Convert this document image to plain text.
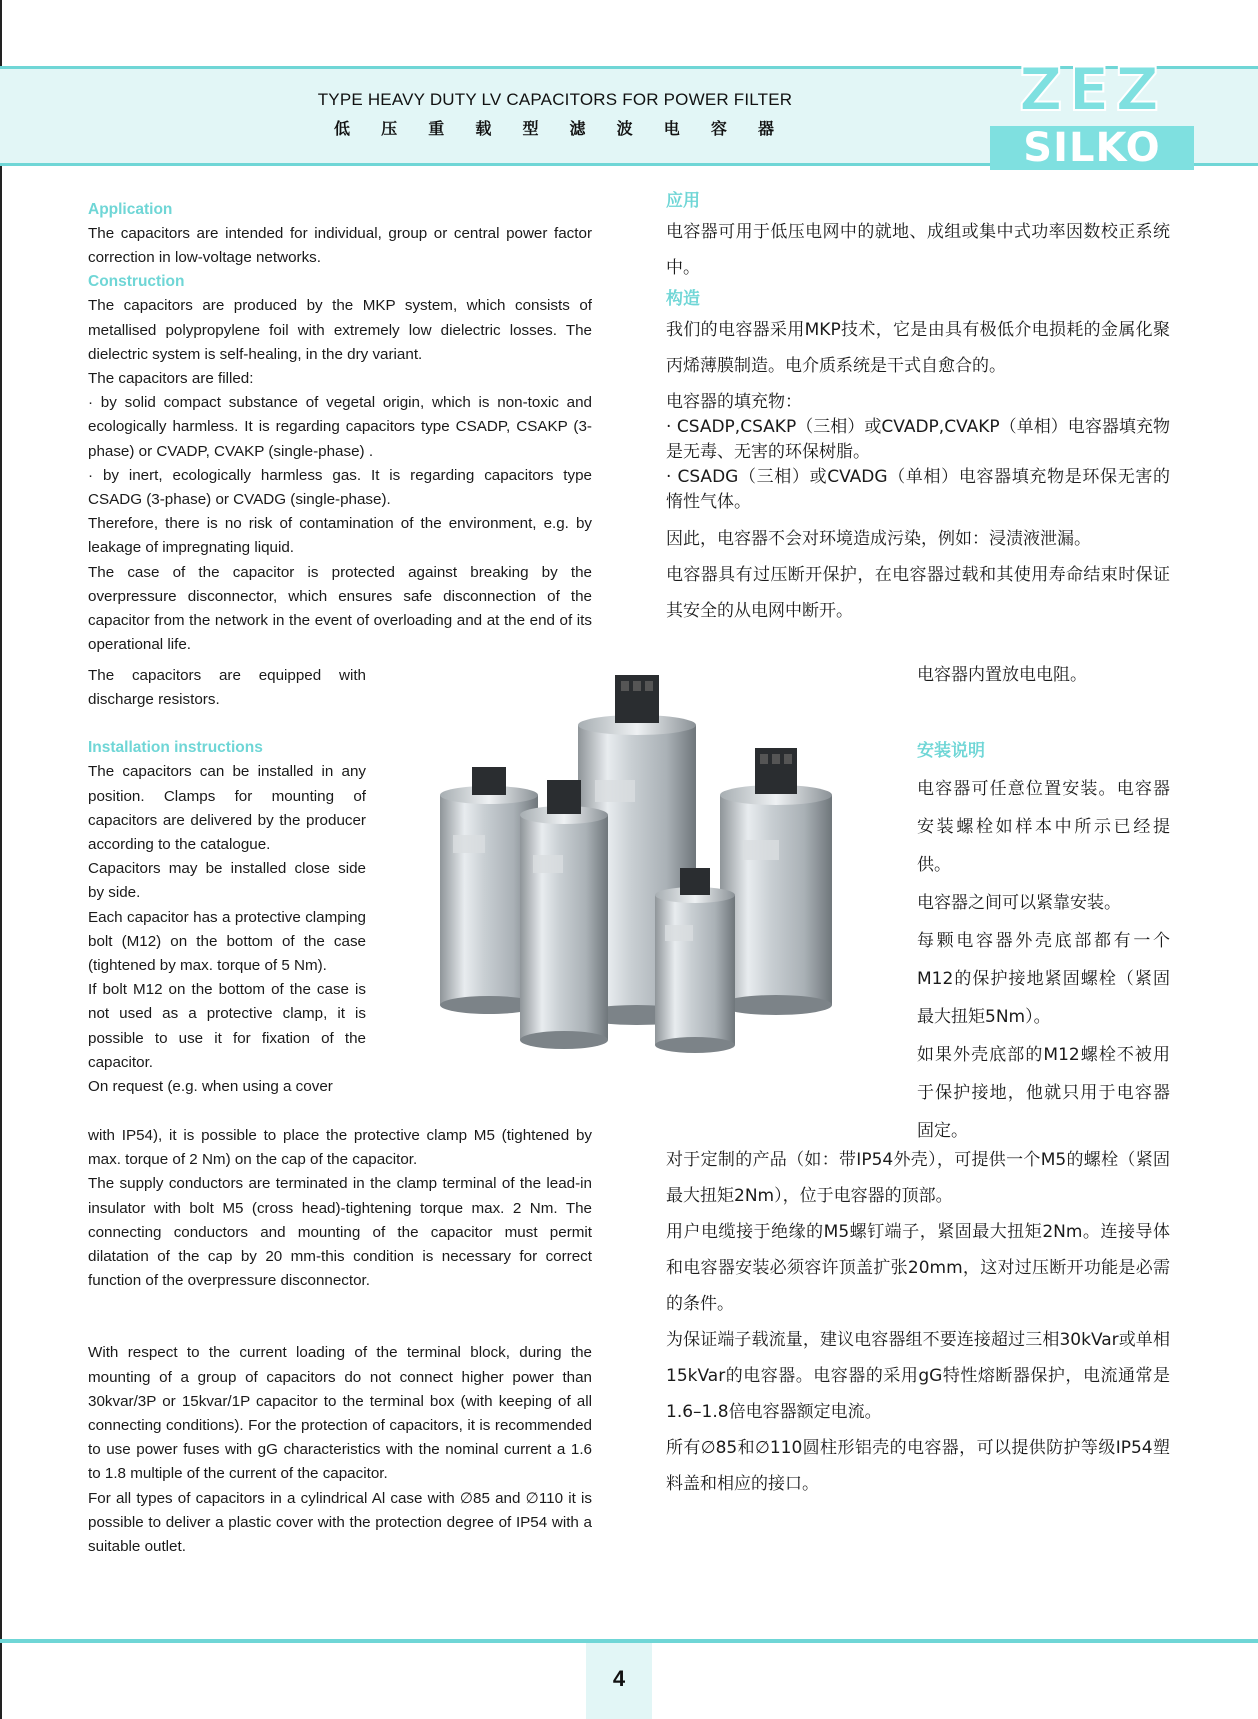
TYPE HEAVY DUTY LV CAPACITORS FOR POWER FILTER
低压重载型滤波电容器
ZEZ
SILKO
Application

The capacitors are intended for individual, group or central power factor correction in low-voltage networks.

Construction

The capacitors are produced by the MKP system, which consists of metallised polypropylene foil with extremely low dielectric losses. The dielectric system is self-healing, in the dry variant.

The capacitors are filled:

· by solid compact substance of vegetal origin, which is non-toxic and ecologically harmless. It is regarding capacitors type CSADP, CSAKP (3-phase) or CVADP, CVAKP (single-phase) .

· by inert, ecologically harmless gas. It is regarding capacitors type CSADG (3-phase) or CVADG (single-phase).

Therefore, there is no risk of contamination of the environment, e.g. by leakage of impregnating liquid.

The case of the capacitor is protected against breaking by the overpressure disconnector, which ensures safe disconnection of the capacitor from the network in the event of overloading and at the end of its operational life.

The capacitors are equipped with discharge resistors.

Installation instructions

The capacitors can be installed in any position. Clamps for mounting of capacitors are delivered by the producer according to the catalogue.

Capacitors may be installed close side by side.

Each capacitor has a protective clamping bolt (M12) on the bottom of the case (tightened by max. torque of 5 Nm).

If bolt M12 on the bottom of the case is not used as a protective clamp, it is possible to use it for fixation of the capacitor.

On request (e.g. when using a cover

with IP54), it is possible to place the protective clamp M5 (tightened by max. torque of 2 Nm) on the cap of the capacitor.

The supply conductors are terminated in the clamp terminal of the lead-in insulator with bolt M5 (cross head)-tightening torque max. 2 Nm. The connecting conductors and mounting of the capacitor must permit dilatation of the cap by 20 mm-this condition is necessary for correct function of the overpressure disconnector.

With respect to the current loading of the terminal block, during the mounting of a group of capacitors do not connect higher power than 30kvar/3P or 15kvar/1P capacitor to the terminal box (with keeping of all connecting conditions). For the protection of capacitors, it is recommended to use power fuses with gG characteristics with the nominal current a 1.6 to 1.8 multiple of the current of the capacitor.

For all types of capacitors in a cylindrical Al case with ∅85 and ∅110 it is possible to deliver a plastic cover with the protection degree of IP54 with a suitable outlet.

应用

电容器可用于低压电网中的就地、成组或集中式功率因数校正系统中。

构造

我们的电容器采用MKP技术，它是由具有极低介电损耗的金属化聚丙烯薄膜制造。电介质系统是干式自愈合的。

电容器的填充物：

· CSADP,CSAKP（三相）或CVADP,CVAKP（单相）电容器填充物是无毒、无害的环保树脂。

· CSADG（三相）或CVADG（单相）电容器填充物是环保无害的惰性气体。

因此，电容器不会对环境造成污染，例如：浸渍液泄漏。

电容器具有过压断开保护，在电容器过载和其使用寿命结束时保证其安全的从电网中断开。

电容器内置放电电阻。

安装说明

电容器可任意位置安装。电容器安装螺栓如样本中所示已经提供。

电容器之间可以紧靠安装。

每颗电容器外壳底部都有一个M12的保护接地紧固螺栓（紧固最大扭矩5Nm）。

如果外壳底部的M12螺栓不被用于保护接地，他就只用于电容器固定。

对于定制的产品（如：带IP54外壳），可提供一个M5的螺栓（紧固最大扭矩2Nm），位于电容器的顶部。

用户电缆接于绝缘的M5螺钉端子，紧固最大扭矩2Nm。连接导体和电容器安装必须容许顶盖扩张20mm，这对过压断开功能是必需的条件。

为保证端子载流量，建议电容器组不要连接超过三相30kVar或单相15kVar的电容器。电容器的采用gG特性熔断器保护，电流通常是1.6–1.8倍电容器额定电流。

所有∅85和∅110圆柱形铝壳的电容器，可以提供防护等级IP54塑料盖和相应的接口。

4
